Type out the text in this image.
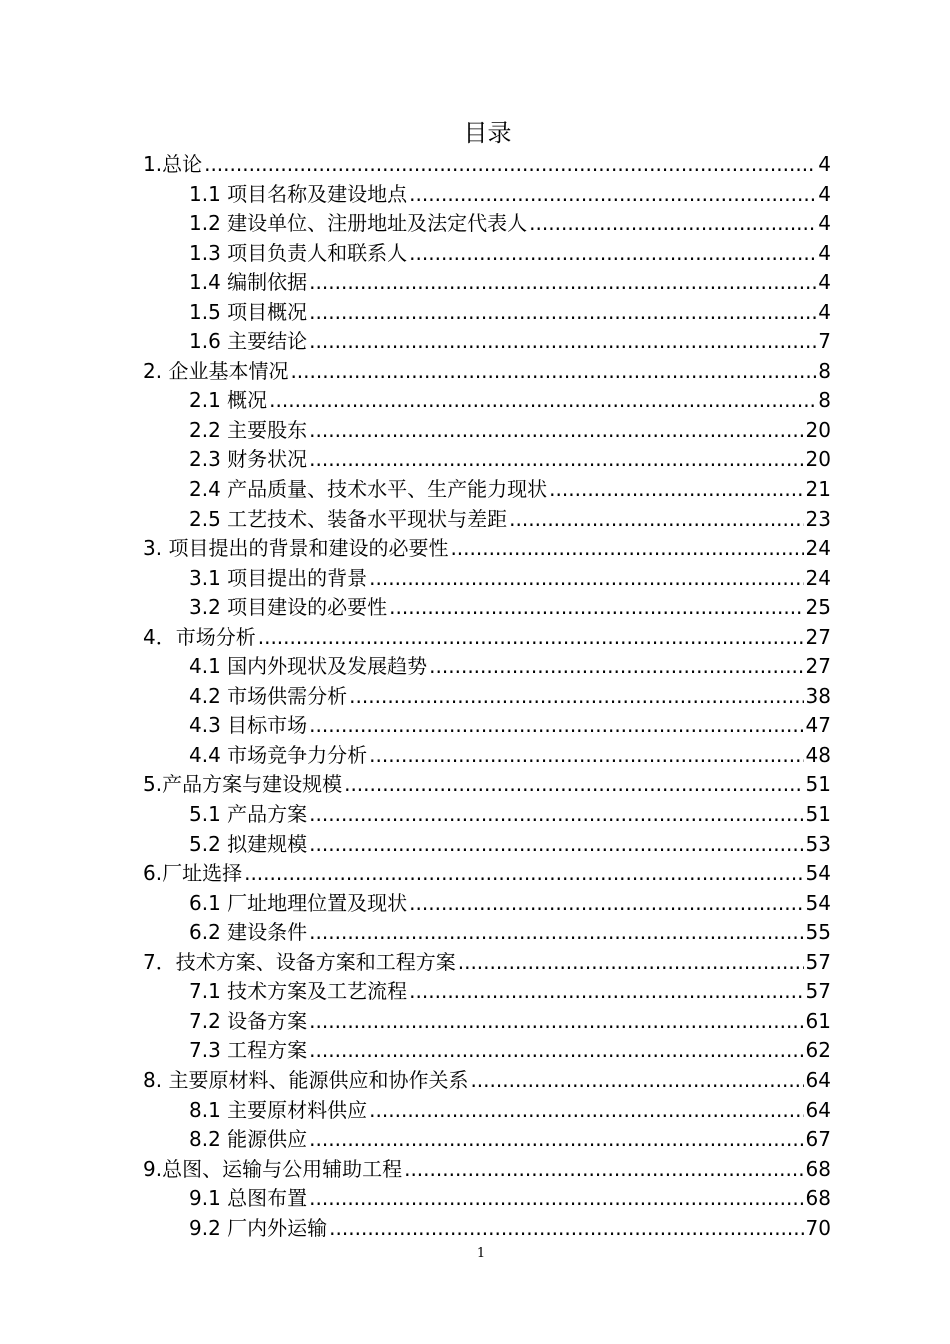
目录
1.总论 .....	4
1.1 项目名称及建设地点 .....	4
1.2 建设单位、注册地址及法定代表人 .....	4
1.3 项目负责人和联系人 .....	4
1.4 编制依据 .....	4
1.5 项目概况 .....	4
1.6 主要结论 .....	7
2. 企业基本情况 .....	8
2.1 概况 .....	8
2.2 主要股东 .....	20
2.3 财务状况 .....	20
2.4 产品质量、技术水平、生产能力现状 .....	21
2.5 工艺技术、装备水平现状与差距 .....	23
3. 项目提出的背景和建设的必要性 .....	24
3.1 项目提出的背景 .....	24
3.2 项目建设的必要性 .....	25
4．市场分析 .....	27
4.1 国内外现状及发展趋势 .....	27
4.2 市场供需分析 .....	38
4.3 目标市场 .....	47
4.4 市场竞争力分析 .....	48
5.产品方案与建设规模 .....	51
5.1 产品方案 .....	51
5.2 拟建规模 .....	53
6.厂址选择 .....	54
6.1 厂址地理位置及现状 .....	54
6.2 建设条件 .....	55
7．技术方案、设备方案和工程方案 .....	57
7.1 技术方案及工艺流程 .....	57
7.2 设备方案 .....	61
7.3 工程方案 .....	62
8. 主要原材料、能源供应和协作关系 .....	64
8.1 主要原材料供应 .....	64
8.2 能源供应 .....	67
9.总图、运输与公用辅助工程 .....	68
9.1 总图布置 .....	68
9.2 厂内外运输 .....	70
1
